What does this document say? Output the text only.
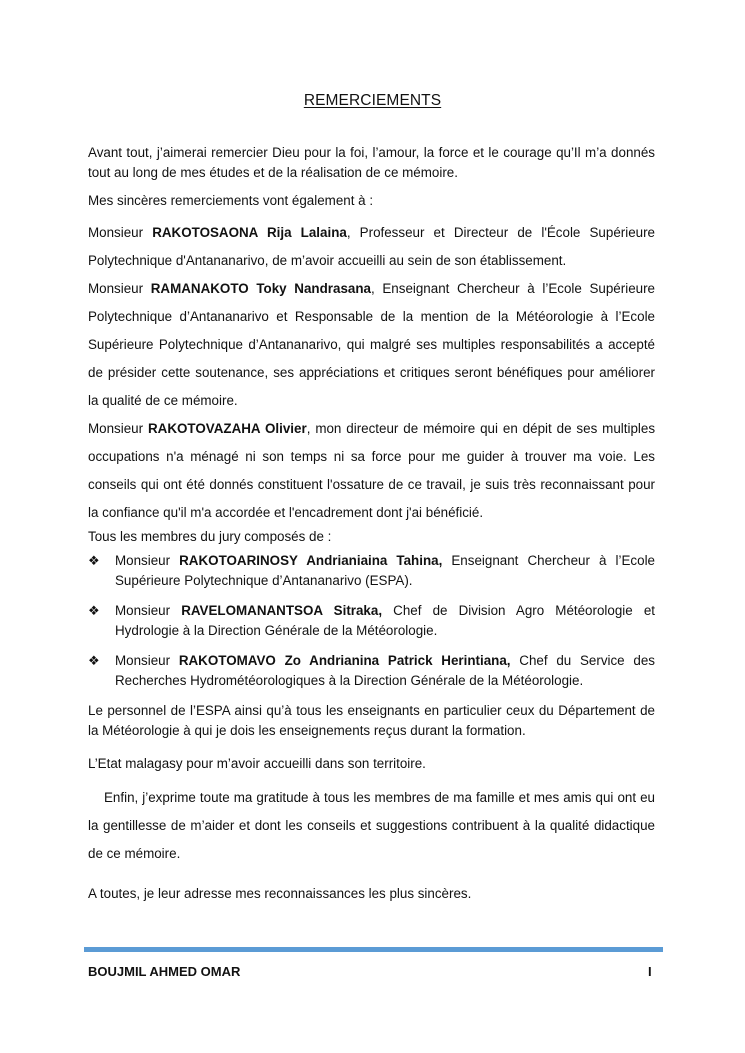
REMERCIEMENTS

Avant tout, j’aimerai remercier Dieu pour la foi, l’amour, la force et le courage qu’Il m’a donnés tout au long de mes études et de la réalisation de ce mémoire.

Mes sincères remerciements vont également à :

Monsieur RAKOTOSAONA Rija Lalaina, Professeur et Directeur de l'École Supérieure Polytechnique d'Antananarivo, de m’avoir accueilli au sein de son établissement.

Monsieur RAMANAKOTO Toky Nandrasana, Enseignant Chercheur à l’Ecole Supérieure Polytechnique d’Antananarivo et Responsable de la mention de la Météorologie à l’Ecole Supérieure Polytechnique d’Antananarivo, qui malgré ses multiples responsabilités a accepté de présider cette soutenance, ses appréciations et critiques seront bénéfiques pour améliorer la qualité de ce mémoire.

Monsieur RAKOTOVAZAHA Olivier, mon directeur de mémoire qui en dépit de ses multiples occupations n'a ménagé ni son temps ni sa force pour me guider à trouver ma voie. Les conseils qui ont été donnés constituent l'ossature de ce travail, je suis très reconnaissant pour la confiance qu'il m'a accordée et l'encadrement dont j'ai bénéficié.

Tous les membres du jury composés de :

❖ Monsieur RAKOTOARINOSY Andrianiaina Tahina, Enseignant Chercheur à l’Ecole Supérieure Polytechnique d’Antananarivo (ESPA).
❖ Monsieur RAVELOMANANTSOA Sitraka, Chef de Division Agro Météorologie et Hydrologie à la Direction Générale de la Météorologie.
❖ Monsieur RAKOTOMAVO Zo Andrianina Patrick Herintiana, Chef du Service des Recherches Hydrométéorologiques à la Direction Générale de la Météorologie.

Le personnel de l’ESPA ainsi qu’à tous les enseignants en particulier ceux du Département de la Météorologie à qui je dois les enseignements reçus durant la formation.

L’Etat malagasy pour m’avoir accueilli dans son territoire.

Enfin, j’exprime toute ma gratitude à tous les membres de ma famille et mes amis qui ont eu la gentillesse de m’aider et dont les conseils et suggestions contribuent à la qualité didactique de ce mémoire.

A toutes, je leur adresse mes reconnaissances les plus sincères.

BOUJMIL AHMED OMAR	I
